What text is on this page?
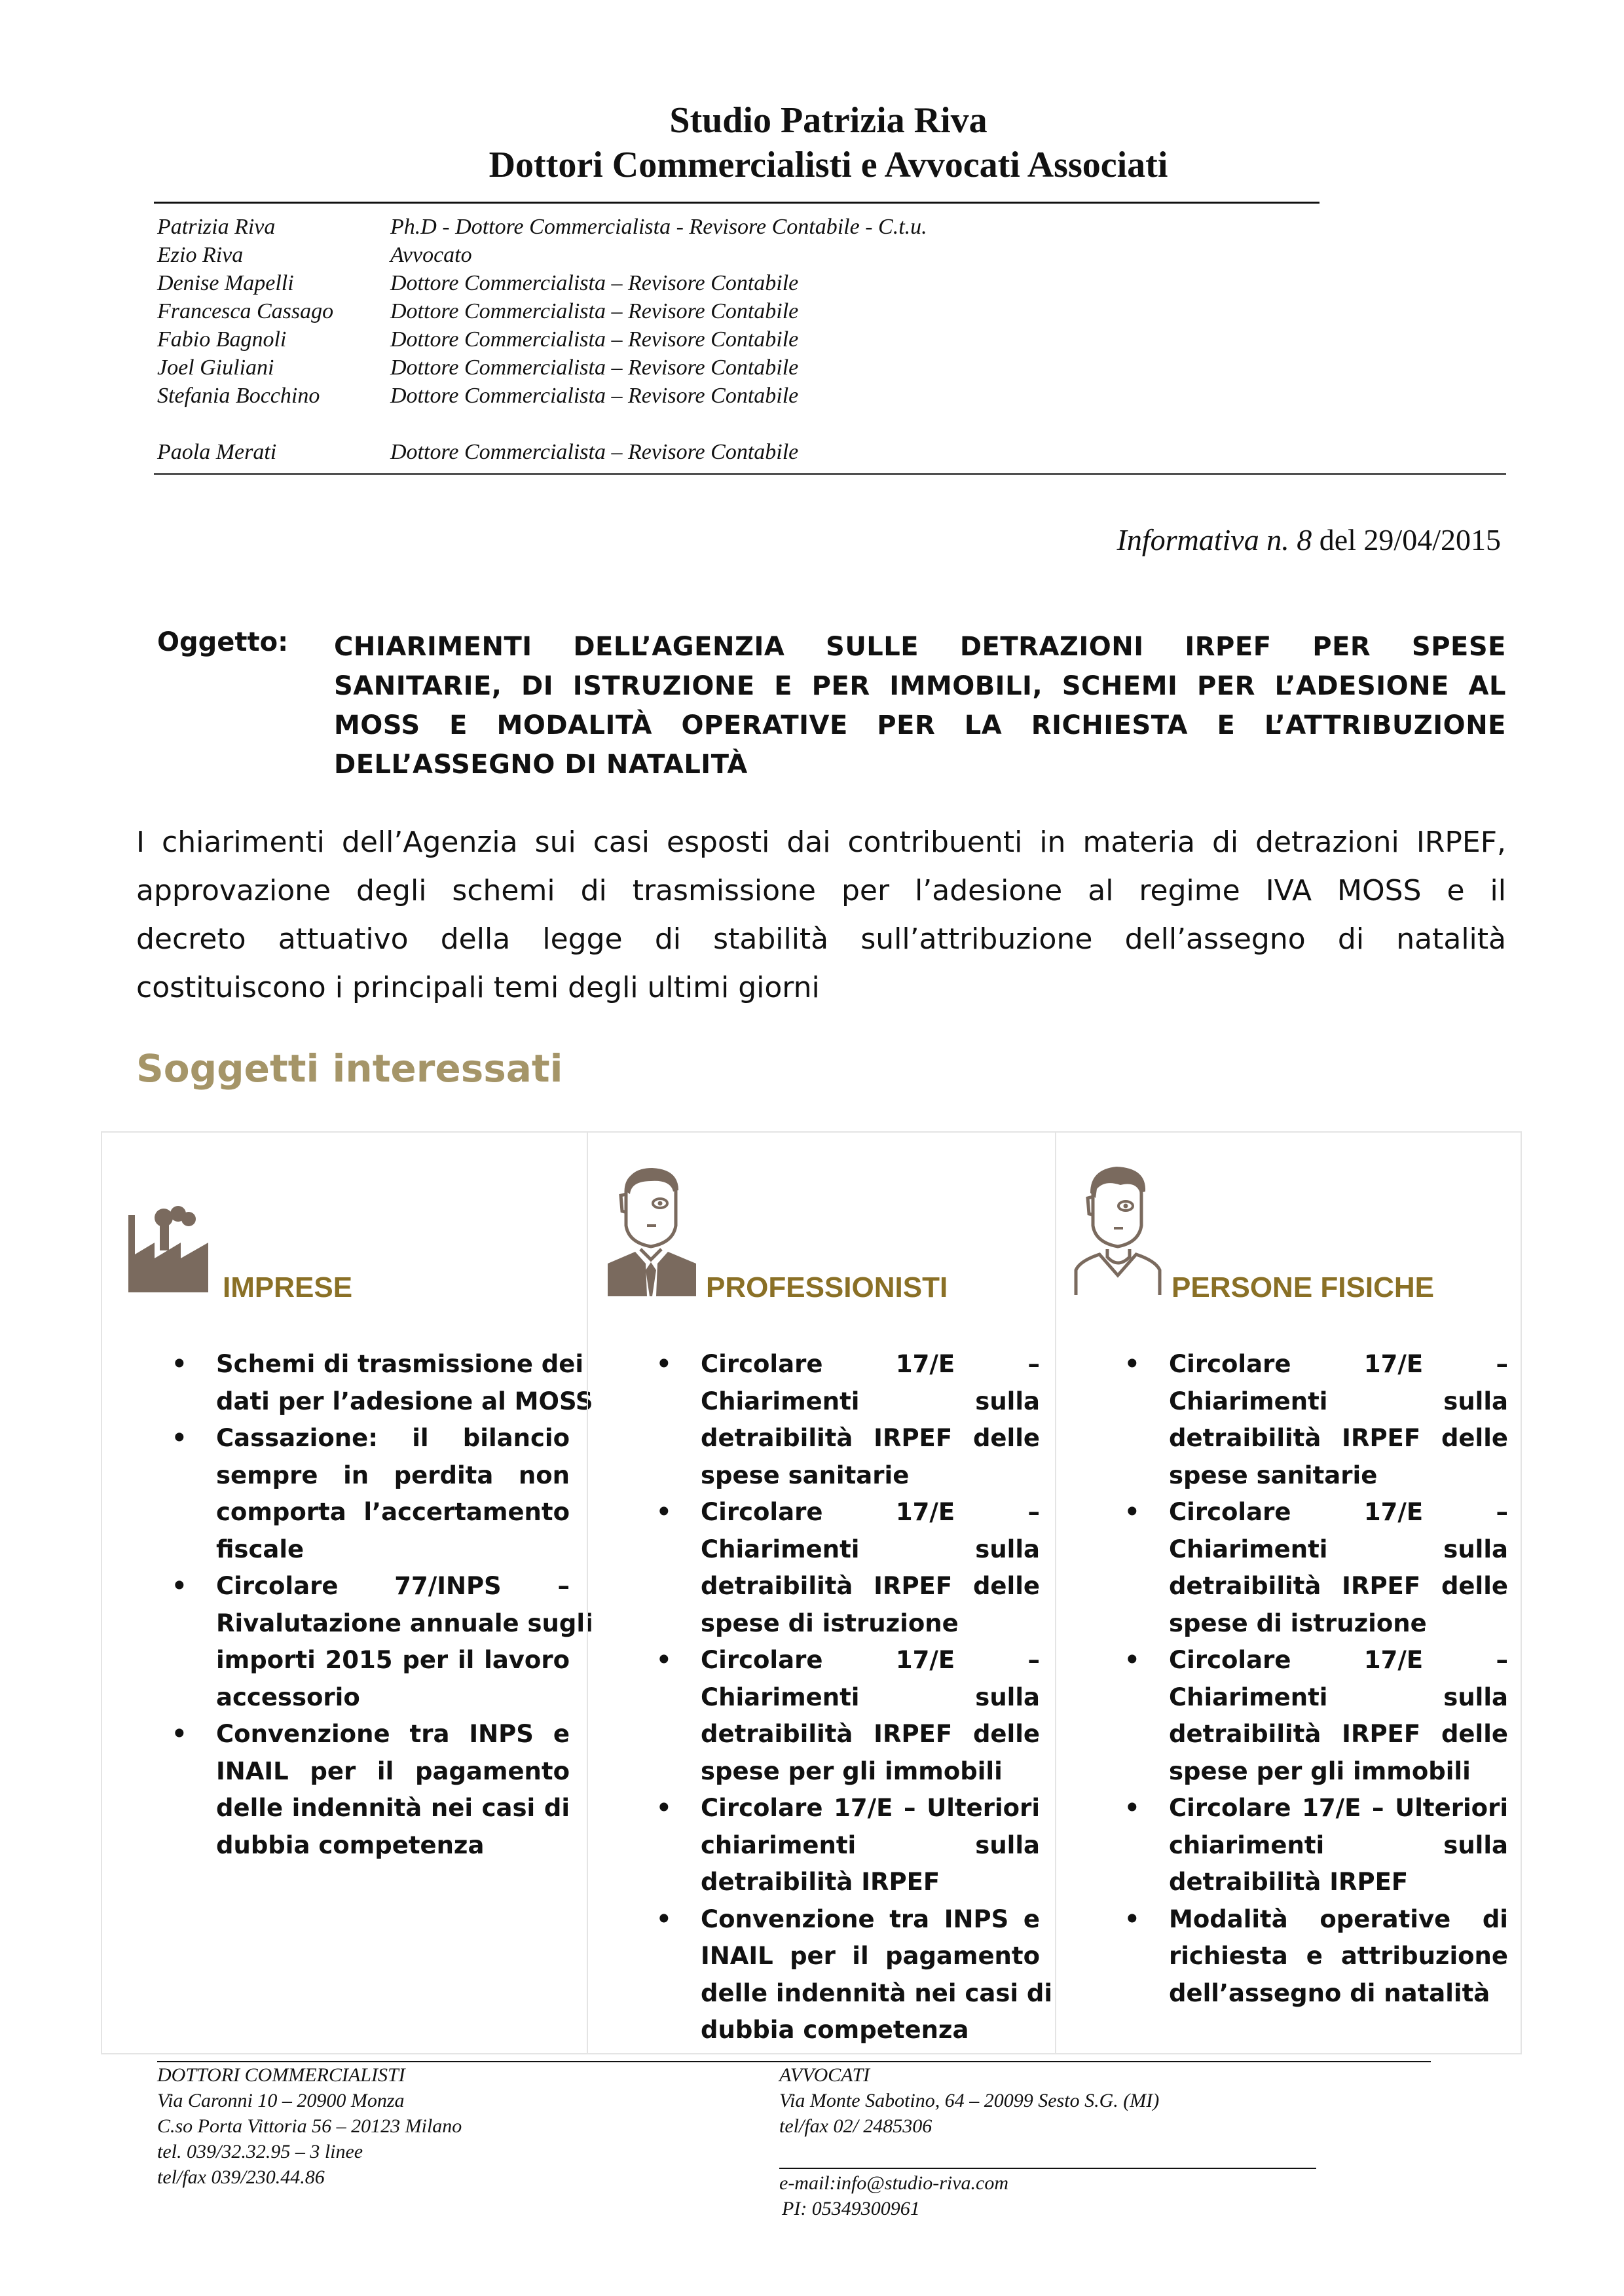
Studio Patrizia Riva
Dottori Commercialisti e Avvocati Associati
Patrizia Riva	Ph.D - Dottore Commercialista - Revisore Contabile - C.t.u.
Ezio Riva	Avvocato
Denise Mapelli	Dottore Commercialista – Revisore Contabile
Francesca Cassago	Dottore Commercialista – Revisore Contabile
Fabio Bagnoli	Dottore Commercialista – Revisore Contabile
Joel Giuliani	Dottore Commercialista – Revisore Contabile
Stefania Bocchino	Dottore Commercialista – Revisore Contabile
Paola Merati	Dottore Commercialista – Revisore Contabile
Informativa n. 8 del 29/04/2015
Oggetto: CHIARIMENTI DELL’AGENZIA SULLE DETRAZIONI IRPEF PER SPESE
SANITARIE, DI ISTRUZIONE E PER IMMOBILI, SCHEMI PER L’ADESIONE AL
MOSS E MODALITÀ OPERATIVE PER LA RICHIESTA E L’ATTRIBUZIONE
DELL’ASSEGNO DI NATALITÀ
I chiarimenti dell’Agenzia sui casi esposti dai contribuenti in materia di detrazioni IRPEF,
approvazione degli schemi di trasmissione per l’adesione al regime IVA MOSS e il
decreto attuativo della legge di stabilità sull’attribuzione dell’assegno di natalità
costituiscono i principali temi degli ultimi giorni
Soggetti interessati
IMPRESE
• Schemi di trasmissione dei
dati per l’adesione al MOSS
• Cassazione: il bilancio
sempre in perdita non
comporta l’accertamento
fiscale
• Circolare 77/INPS –
Rivalutazione annuale sugli
importi 2015 per il lavoro
accessorio
• Convenzione tra INPS e
INAIL per il pagamento
delle indennità nei casi di
dubbia competenza
PROFESSIONISTI
• Circolare 17/E –
Chiarimenti sulla
detraibilità IRPEF delle
spese sanitarie
• Circolare 17/E –
Chiarimenti sulla
detraibilità IRPEF delle
spese di istruzione
• Circolare 17/E –
Chiarimenti sulla
detraibilità IRPEF delle
spese per gli immobili
• Circolare 17/E – Ulteriori
chiarimenti sulla
detraibilità IRPEF
• Convenzione tra INPS e
INAIL per il pagamento
delle indennità nei casi di
dubbia competenza
PERSONE FISICHE
• Circolare 17/E –
Chiarimenti sulla
detraibilità IRPEF delle
spese sanitarie
• Circolare 17/E –
Chiarimenti sulla
detraibilità IRPEF delle
spese di istruzione
• Circolare 17/E –
Chiarimenti sulla
detraibilità IRPEF delle
spese per gli immobili
• Circolare 17/E – Ulteriori
chiarimenti sulla
detraibilità IRPEF
• Modalità operative di
richiesta e attribuzione
dell’assegno di natalità
DOTTORI COMMERCIALISTI
Via Caronni 10 – 20900 Monza
C.so Porta Vittoria 56 – 20123 Milano
tel. 039/32.32.95 – 3 linee
tel/fax 039/230.44.86
AVVOCATI
Via Monte Sabotino, 64 – 20099 Sesto S.G. (MI)
tel/fax 02/ 2485306
e-mail:info@studio-riva.com
PI: 05349300961
